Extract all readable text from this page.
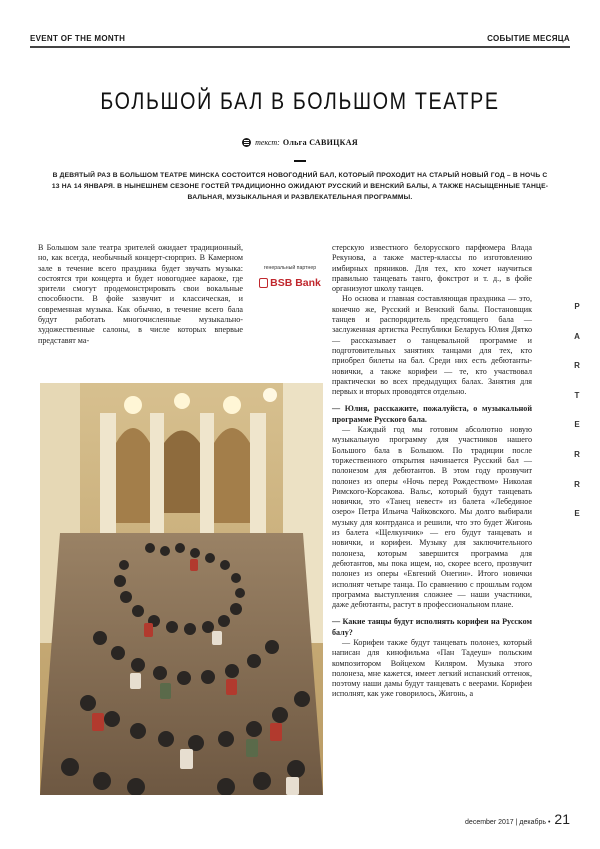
EVENT OF THE MONTH	СОБЫТИЕ МЕСЯЦА
БОЛЬШОЙ БАЛ В БОЛЬШОМ ТЕАТРЕ
текст: Ольга САВИЦКАЯ
В ДЕВЯТЫЙ РАЗ В БОЛЬШОМ ТЕАТРЕ МИНСКА СОСТОИТСЯ НОВОГОДНИЙ БАЛ, КОТОРЫЙ ПРОХОДИТ НА СТАРЫЙ НОВЫЙ ГОД – В НОЧЬ С
13 НА 14 ЯНВАРЯ. В НЫНЕШНЕМ СЕЗОНЕ ГОСТЕЙ ТРАДИЦИОННО ОЖИДАЮТ РУССКИЙ И ВЕНСКИЙ БАЛЫ, А ТАКЖЕ НАСЫЩЕННЫЕ ТАНЦЕ-
ВАЛЬНАЯ, МУЗЫКАЛЬНАЯ И РАЗВЛЕКАТЕЛЬНАЯ ПРОГРАММЫ.

В Большом зале театра зрителей ожидает традиционный, но, как всегда, необычный концерт-сюрприз. В Камерном зале в течение всего праздника будет звучать музыка: состоятся три концерта и будет новогоднее караоке, где зрители смогут продемонстрировать свои вокальные способности. В фойе зазвучит и классическая, и современная музыка. Как обычно, в течение всего бала будут работать многочисленные музыкально-художественные салоны, в числе которых впервые представят ма-

генеральный партнер
BSB Bank

стерскую известного белорусского парфюмера Влада Рекунова, а также мастер-классы по изготовлению имбирных пряников. Для тех, кто хочет научиться правильно танцевать танго, фокстрот и т. д., в фойе организуют школу танцев.

Но основа и главная составляющая праздника — это, конечно же, Русский и Венский балы. Постановщик танцев и распорядитель предстоящего бала — заслуженная артистка Республики Беларусь Юлия Дятко — рассказывает о танцевальной программе и подготовительных занятиях танцами для тех, кто приобрел билеты на бал. Среди них есть дебютанты-новички, а также корифеи — те, кто участвовал практически во всех предыдущих балах. Занятия для первых и вторых проводятся отдельно.

— Юлия, расскажите, пожалуйста, о музыкальной программе Русского бала.

— Каждый год мы готовим абсолютно новую музыкальную программу для участников нашего Большого бала в Большом. По традиции после торжественного открытия начинается Русский бал — полонезом для дебютантов. В этом году прозвучит полонез из оперы «Ночь перед Рождеством» Николая Римского-Корсакова. Вальс, который будут танцевать новички, это «Танец невест» из балета «Лебединое озеро» Петра Ильича Чайковского. Мы долго выбирали музыку для контрданса и решили, что это будет Жигонь из балета «Щелкунчик» — его будут танцевать и новички, и корифеи. Музыку для заключительного полонеза, которым завершится программа для дебютантов, мы пока ищем, но, скорее всего, прозвучит полонез из оперы «Евгений Онегин». Итого новички исполнят четыре танца. По сравнению с прошлым годом программа выступления сложнее — наши участники, даже дебютанты, растут в профессиональном плане.

— Какие танцы будут исполнять корифеи на Русском балу?

— Корифеи также будут танцевать полонез, который написан для кинофильма «Пан Тадеуш» польским композитором Войцехом Киляром. Музыка этого полонеза, мне кажется, имеет легкий испанский оттенок, поэтому наши дамы будут танцевать с веерами. Корифеи исполнят, как уже говорилось, Жигонь, а

P
A
R
T
E
R
R
E
december 2017 | декабрь • 21
